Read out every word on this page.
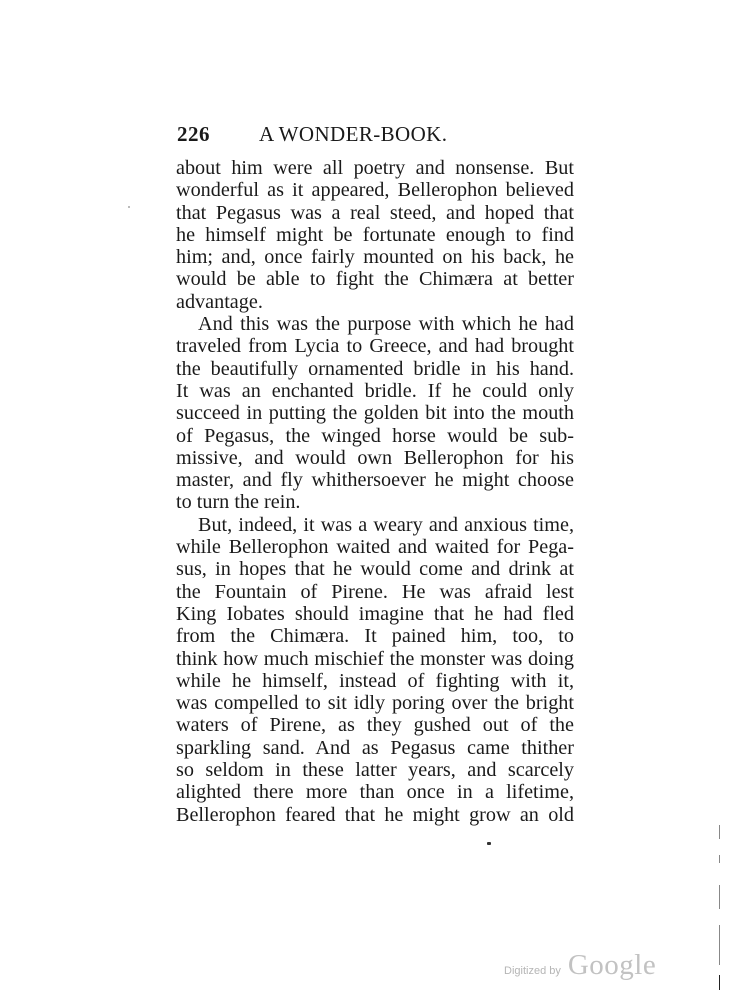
226 A WONDER-BOOK.
about him were all poetry and nonsense. But
wonderful as it appeared, Bellerophon believed
that Pegasus was a real steed, and hoped that
he himself might be fortunate enough to find
him; and, once fairly mounted on his back, he
would be able to fight the Chimæra at better
advantage.
And this was the purpose with which he had
traveled from Lycia to Greece, and had brought
the beautifully ornamented bridle in his hand.
It was an enchanted bridle. If he could only
succeed in putting the golden bit into the mouth
of Pegasus, the winged horse would be sub-
missive, and would own Bellerophon for his
master, and fly whithersoever he might choose
to turn the rein.
But, indeed, it was a weary and anxious time,
while Bellerophon waited and waited for Pega-
sus, in hopes that he would come and drink at
the Fountain of Pirene. He was afraid lest
King Iobates should imagine that he had fled
from the Chimæra. It pained him, too, to
think how much mischief the monster was doing
while he himself, instead of fighting with it,
was compelled to sit idly poring over the bright
waters of Pirene, as they gushed out of the
sparkling sand. And as Pegasus came thither
so seldom in these latter years, and scarcely
alighted there more than once in a lifetime,
Bellerophon feared that he might grow an old
Digitized by Google
